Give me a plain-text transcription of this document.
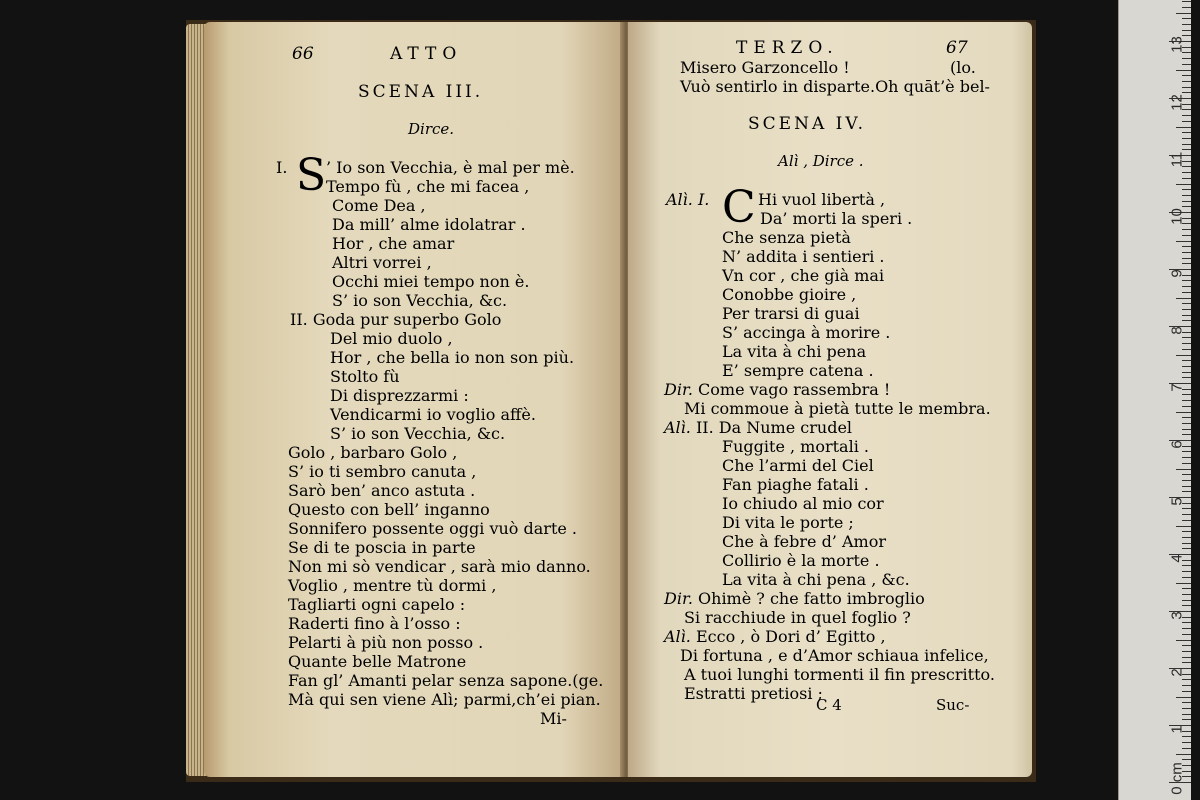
66	ATTO
SCENA III.
Dirce.
I. S ’ Io son Vecchia, è mal per mè.
Tempo fù , che mi facea ,
Come Dea ,
Da mill’ alme idolatrar .
Hor , che amar
Altri vorrei ,
Occhi miei tempo non è.
S’ io son Vecchia, &c.
II. Goda pur superbo Golo
Del mio duolo ,
Hor , che bella io non son più.
Stolto fù
Di disprezzarmi :
Vendicarmi io voglio affè.
S’ io son Vecchia, &c.
Golo , barbaro Golo ,
S’ io ti sembro canuta ,
Sarò ben’ anco astuta .
Questo con bell’ inganno
Sonnifero possente oggi vuò darte .
Se di te poscia in parte
Non mi sò vendicar , sarà mio danno.
Voglio , mentre tù dormi ,
Tagliarti ogni capelo :
Raderti fino à l’osso :
Pelarti à più non posso .
Quante belle Matrone
Fan gl’ Amanti pelar senza sapone.(ge.
Mà qui sen viene Alì; parmi,ch’ei pian.
Mi-
TERZO.	67
Misero Garzoncello !	(lo.
Vuò sentirlo in disparte.Oh quāt’è bel-
SCENA IV.
Alì , Dirce .
Alì. I. C Hi vuol libertà ,
Da’ morti la speri .
Che senza pietà
N’ addita i sentieri .
Vn cor , che già mai
Conobbe gioire ,
Per trarsi di guai
S’ accinga à morire .
La vita à chi pena
E’ sempre catena .
Dir. Come vago rassembra !
Mi commoue à pietà tutte le membra.
Alì. II. Da Nume crudel
Fuggite , mortali .
Che l’armi del Ciel
Fan piaghe fatali .
Io chiudo al mio cor
Di vita le porte ;
Che à febre d’ Amor
Collirio è la morte .
La vita à chi pena , &c.
Dir. Ohimè ? che fatto imbroglio
Si racchiude in quel foglio ?
Alì. Ecco , ò Dori d’ Egitto ,
Di fortuna , e d’Amor schiaua infelice,
A tuoi lunghi tormenti il fin prescritto.
Estratti pretiosi ;
C 4	Suc-
13
12
11
10
9
8
7
6
5
4
3
2
1
0 cm
